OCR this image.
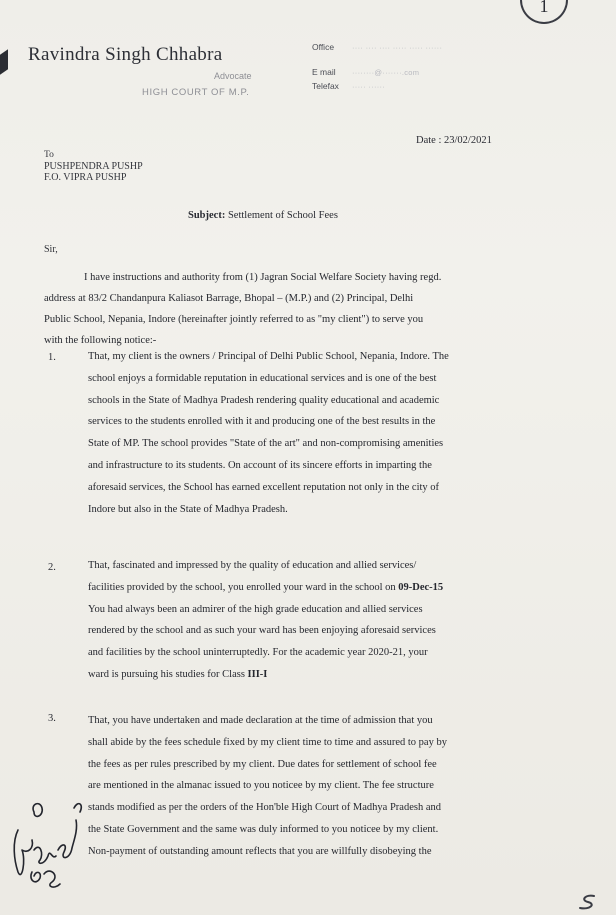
1
Ravindra Singh Chhabra
Advocate
HIGH COURT OF M.P.
Office	···· ···· ···· ····· ····· ······
E mail	········@·······.com
Telefax	····· ······
Date : 23/02/2021
To
PUSHPENDRA PUSHP
F.O. VIPRA PUSHP
Subject: Settlement of School Fees
Sir,
I have instructions and authority from (1) Jagran Social Welfare Society having regd.
address at 83/2 Chandanpura Kaliasot Barrage, Bhopal – (M.P.) and (2) Principal, Delhi
Public School, Nepania, Indore (hereinafter jointly referred to as "my client") to serve you
with the following notice:-
1.	That, my client is the owners / Principal of Delhi Public School, Nepania, Indore. The
school enjoys a formidable reputation in educational services and is one of the best
schools in the State of Madhya Pradesh rendering quality educational and academic
services to the students enrolled with it and producing one of the best results in the
State of MP. The school provides "State of the art" and non-compromising amenities
and infrastructure to its students. On account of its sincere efforts in imparting the
aforesaid services, the School has earned excellent reputation not only in the city of
Indore but also in the State of Madhya Pradesh.
2.	That, fascinated and impressed by the quality of education and allied services/
facilities provided by the school, you enrolled your ward in the school on 09-Dec-15
You had always been an admirer of the high grade education and allied services
rendered by the school and as such your ward has been enjoying aforesaid services
and facilities by the school uninterruptedly. For the academic year 2020-21, your
ward is pursuing his studies for Class III-I
3.	That, you have undertaken and made declaration at the time of admission that you
shall abide by the fees schedule fixed by my client time to time and assured to pay by
the fees as per rules prescribed by my client. Due dates for settlement of school fee
are mentioned in the almanac issued to you noticee by my client. The fee structure
stands modified as per the orders of the Hon'ble High Court of Madhya Pradesh and
the State Government and the same was duly informed to you noticee by my client.
Non-payment of outstanding amount reflects that you are willfully disobeying the
